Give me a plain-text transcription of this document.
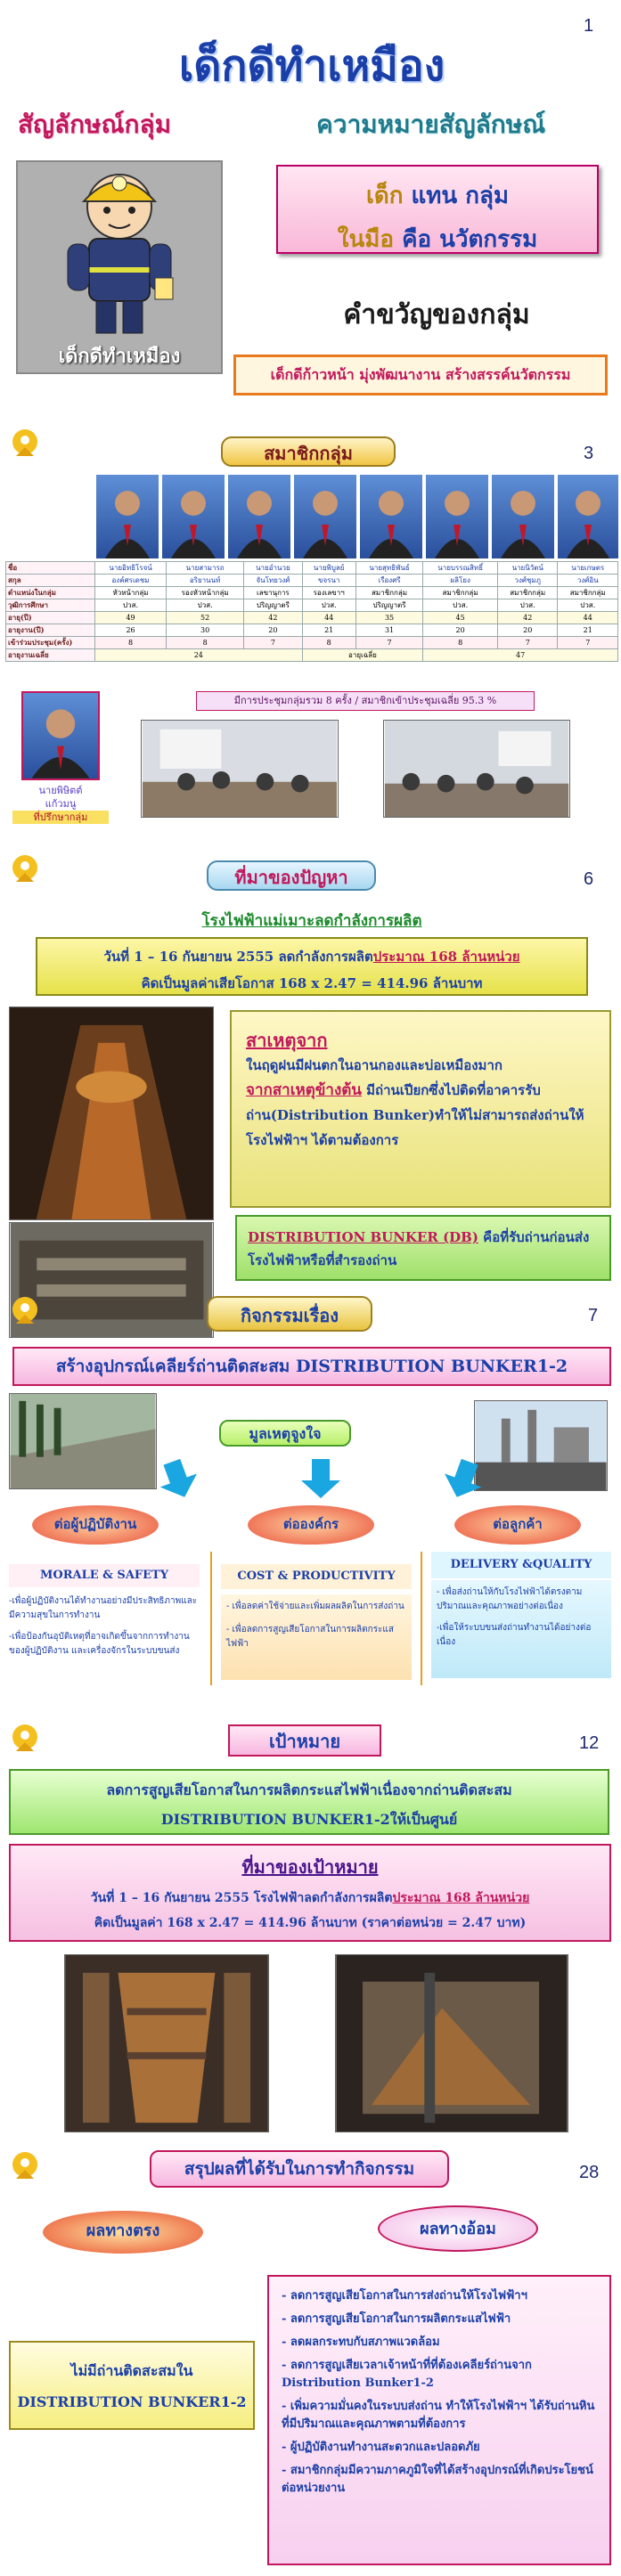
1
เด็กดีทำเหมือง
สัญลักษณ์กลุ่ม	ความหมายสัญลักษณ์
เด็กดีทำเหมือง
เด็ก แทน กลุ่ม
ในมือ คือ นวัตกรรม
คำขวัญของกลุ่ม
เด็กดีก้าวหน้า มุ่งพัฒนางาน สร้างสรรค์นวัตกรรม
3
สมาชิกกลุ่ม
ชื่อ	นายอิทธิโรจน์	นายสามารถ	นายอำนวย	นายพิบูลย์	นายสุทธิพันธ์	นายบรรณสิทธิ์	นายนิวัตน์	นายเกษตร
สกุล	องค์ศรเดชม	อริยานนท์	จันโทยวงศ์	ขจรนา	เรืองศรี	ผลิโยง	วงศ์ชุมภู	วงศ์อิน
ตำแหน่งในกลุ่ม	หัวหน้ากลุ่ม	รองหัวหน้ากลุ่ม	เลขานุการ	รองเลขาฯ	สมาชิกกลุ่ม	สมาชิกกลุ่ม	สมาชิกกลุ่ม	สมาชิกกลุ่ม
วุฒิการศึกษา	ปวส.	ปวส.	ปริญญาตรี	ปวส.	ปริญญาตรี	ปวส.	ปวส.	ปวส.
อายุ(ปี)	49	52	42	44	35	45	42	44
อายุงาน(ปี)	26	30	20	21	31	20	20	21
เข้าร่วมประชุม(ครั้ง)	8	8	7	8	7	8	7	7
อายุงานเฉลี่ย	24			อายุเฉลี่ย		47		
นายพิษิตต์
แก้วมนู
ที่ปรึกษากลุ่ม
มีการประชุมกลุ่มรวม 8 ครั้ง / สมาชิกเข้าประชุมเฉลี่ย 95.3 %
6
ที่มาของปัญหา
โรงไฟฟ้าแม่เมาะลดกำลังการผลิต
วันที่ 1 – 16 กันยายน 2555 ลดกำลังการผลิตประมาณ 168 ล้านหน่วย
คิดเป็นมูลค่าเสียโอกาส 168 x 2.47 = 414.96 ล้านบาท
สาเหตุจาก
ในฤดูฝนมีฝนตกในอานกองและบ่อเหมืองมาก
จากสาเหตุข้างต้น มีถ่านเปียกซึ่งไปติดที่อาคารรับถ่าน(Distribution Bunker)ทำให้ไม่สามารถส่งถ่านให้โรงไฟฟ้าฯ ได้ตามต้องการ
DISTRIBUTION BUNKER (DB) คือที่รับถ่านก่อนส่งโรงไฟฟ้าหรือที่สำรองถ่าน
7
กิจกรรมเรื่อง
สร้างอุปกรณ์เคลียร์ถ่านติดสะสม DISTRIBUTION BUNKER1-2
มูลเหตุจูงใจ
ต่อผู้ปฏิบัติงาน	ต่อองค์กร	ต่อลูกค้า
MORALE & SAFETY
-เพื่อผู้ปฏิบัติงานได้ทำงานอย่างมีประสิทธิภาพและมีความสุขในการทำงาน
-เพื่อป้องกันอุบัติเหตุที่อาจเกิดขึ้นจากการทำงานของผู้ปฏิบัติงาน และเครื่องจักรในระบบขนส่ง
COST & PRODUCTIVITY
- เพื่อลดค่าใช้จ่ายและเพิ่มผลผลิตในการส่งถ่าน
- เพื่อลดการสูญเสียโอกาสในการผลิตกระแสไฟฟ้า
DELIVERY &QUALITY
- เพื่อส่งถ่านให้กับโรงไฟฟ้าได้ตรงตามปริมาณและคุณภาพอย่างต่อเนื่อง
-เพื่อให้ระบบขนส่งถ่านทำงานได้อย่างต่อเนื่อง
12
เป้าหมาย
ลดการสูญเสียโอกาสในการผลิตกระแสไฟฟ้าเนื่องจากถ่านติดสะสม
DISTRIBUTION BUNKER1-2ให้เป็นศูนย์
ที่มาของเป้าหมาย
วันที่ 1 – 16 กันยายน 2555 โรงไฟฟ้าลดกำลังการผลิตประมาณ 168 ล้านหน่วย
คิดเป็นมูลค่า 168 x 2.47 = 414.96 ล้านบาท (ราคาต่อหน่วย = 2.47 บาท)
28
สรุปผลที่ได้รับในการทำกิจกรรม
ผลทางตรง	ผลทางอ้อม
ไม่มีถ่านติดสะสมใน
DISTRIBUTION BUNKER1-2
- ลดการสูญเสียโอกาสในการส่งถ่านให้โรงไฟฟ้าฯ
- ลดการสูญเสียโอกาสในการผลิตกระแสไฟฟ้า
- ลดผลกระทบกับสภาพแวดล้อม
- ลดการสูญเสียเวลาเจ้าหน้าที่ที่ต้องเคลียร์ถ่านจาก Distribution Bunker1-2
- เพิ่มความมั่นคงในระบบส่งถ่าน ทำให้โรงไฟฟ้าฯ ได้รับถ่านหินที่มีปริมาณและคุณภาพตามที่ต้องการ
- ผู้ปฏิบัติงานทำงานสะดวกและปลอดภัย
- สมาชิกกลุ่มมีความภาคภูมิใจที่ได้สร้างอุปกรณ์ที่เกิดประโยชน์ต่อหน่วยงาน
